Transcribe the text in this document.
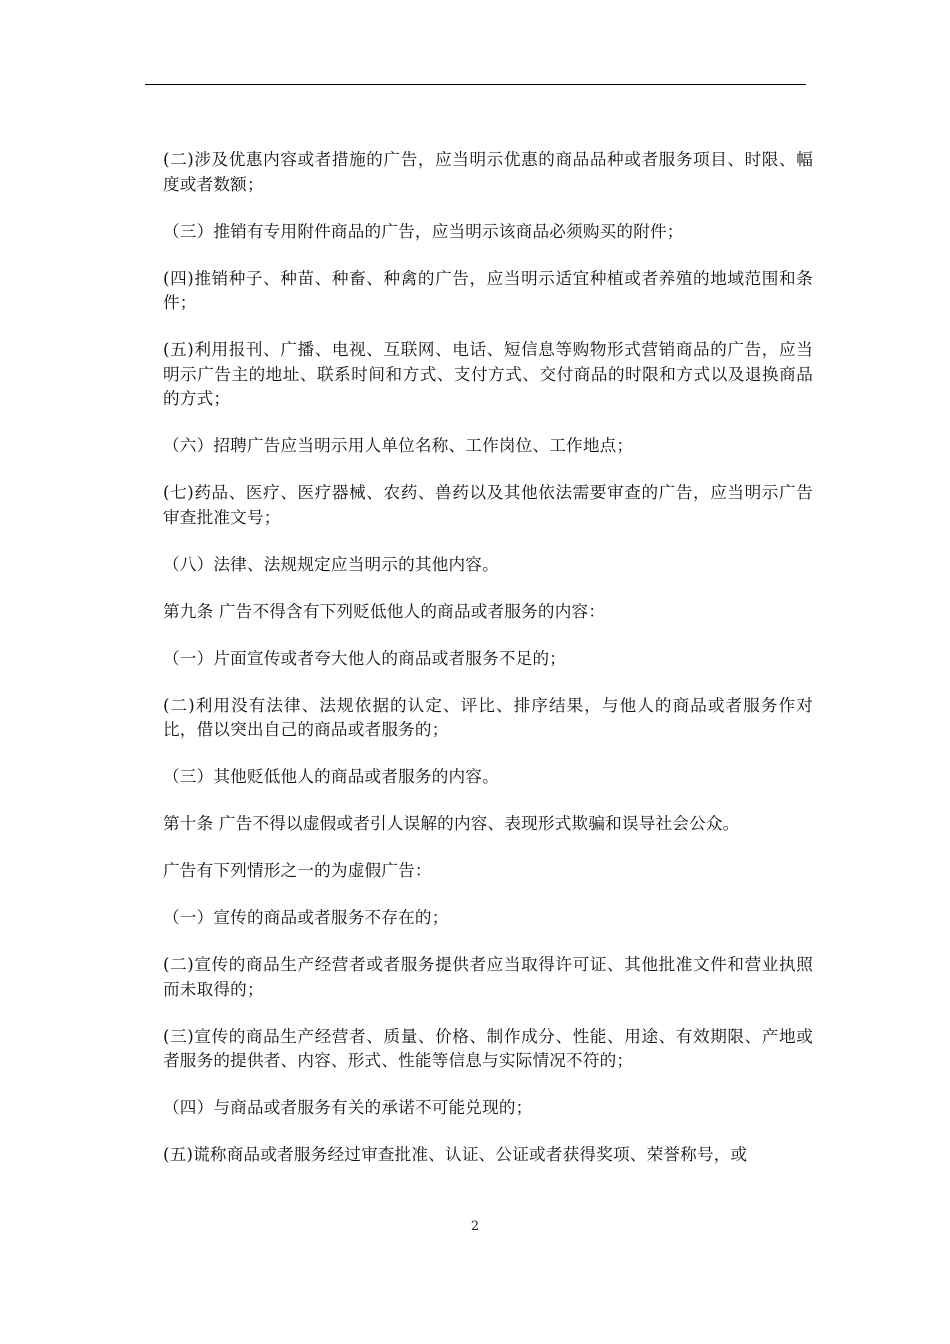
(二)涉及优惠内容或者措施的广告，应当明示优惠的商品品种或者服务项目、时限、幅度或者数额；

（三）推销有专用附件商品的广告，应当明示该商品必须购买的附件；

(四)推销种子、种苗、种畜、种禽的广告，应当明示适宜种植或者养殖的地域范围和条件；

(五)利用报刊、广播、电视、互联网、电话、短信息等购物形式营销商品的广告，应当明示广告主的地址、联系时间和方式、支付方式、交付商品的时限和方式以及退换商品的方式；

（六）招聘广告应当明示用人单位名称、工作岗位、工作地点；

(七)药品、医疗、医疗器械、农药、兽药以及其他依法需要审查的广告，应当明示广告审查批准文号；

（八）法律、法规规定应当明示的其他内容。

第九条 广告不得含有下列贬低他人的商品或者服务的内容：

（一）片面宣传或者夸大他人的商品或者服务不足的；

(二)利用没有法律、法规依据的认定、评比、排序结果，与他人的商品或者服务作对比，借以突出自己的商品或者服务的；

（三）其他贬低他人的商品或者服务的内容。

第十条 广告不得以虚假或者引人误解的内容、表现形式欺骗和误导社会公众。

广告有下列情形之一的为虚假广告：

（一）宣传的商品或者服务不存在的；

(二)宣传的商品生产经营者或者服务提供者应当取得许可证、其他批准文件和营业执照而未取得的；

(三)宣传的商品生产经营者、质量、价格、制作成分、性能、用途、有效期限、产地或者服务的提供者、内容、形式、性能等信息与实际情况不符的；

（四）与商品或者服务有关的承诺不可能兑现的；

(五)谎称商品或者服务经过审查批准、认证、公证或者获得奖项、荣誉称号，或

2
